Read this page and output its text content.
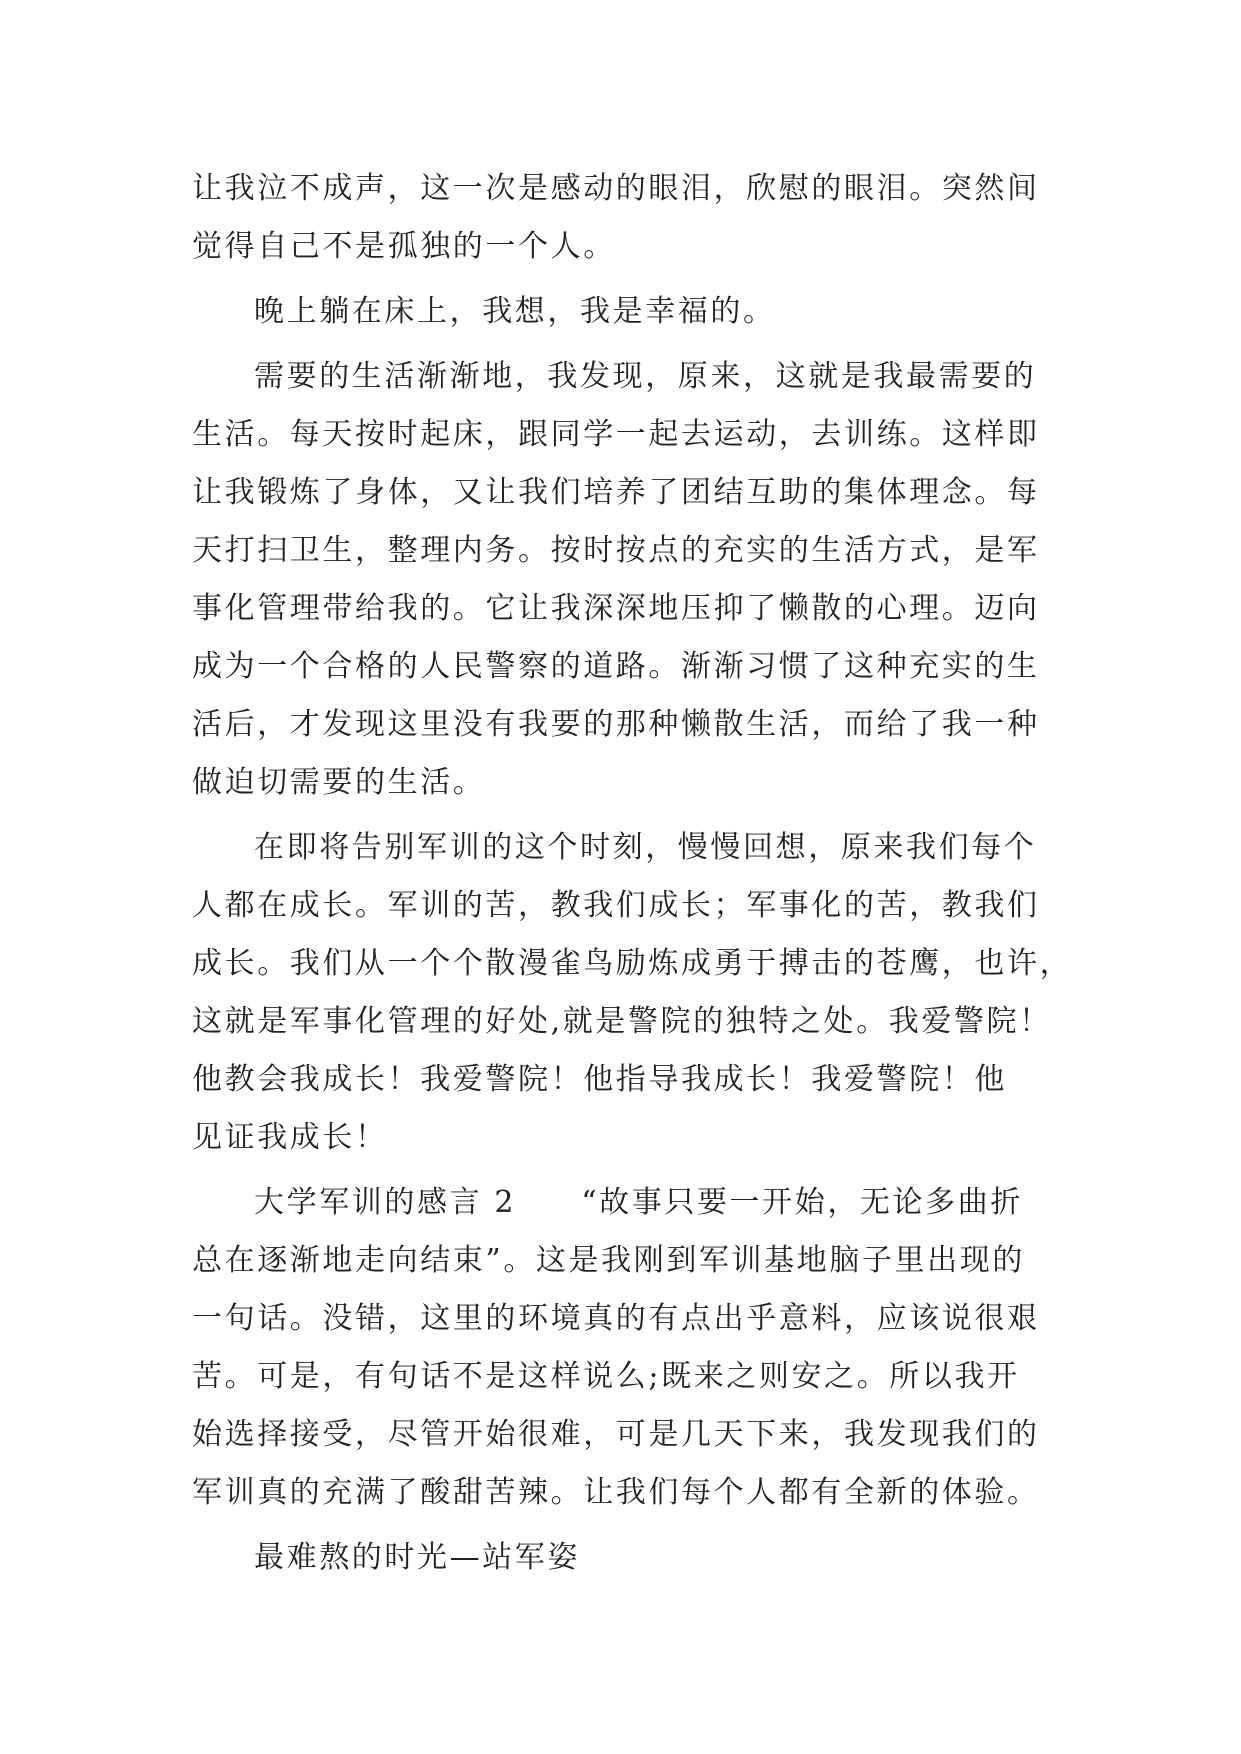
让我泣不成声，这一次是感动的眼泪，欣慰的眼泪。突然间
觉得自己不是孤独的一个人。
晚上躺在床上，我想，我是幸福的。
需要的生活渐渐地，我发现，原来，这就是我最需要的
生活。每天按时起床，跟同学一起去运动，去训练。这样即
让我锻炼了身体，又让我们培养了团结互助的集体理念。每
天打扫卫生，整理内务。按时按点的充实的生活方式，是军
事化管理带给我的。它让我深深地压抑了懒散的心理。迈向
成为一个合格的人民警察的道路。渐渐习惯了这种充实的生
活后，才发现这里没有我要的那种懒散生活，而给了我一种
做迫切需要的生活。
在即将告别军训的这个时刻，慢慢回想，原来我们每个
人都在成长。军训的苦，教我们成长；军事化的苦，教我们
成长。我们从一个个散漫雀鸟励炼成勇于搏击的苍鹰，也许，
这就是军事化管理的好处,就是警院的独特之处。我爱警院！
他教会我成长！我爱警院！他指导我成长！我爱警院！他
见证我成长！
大学军训的感言 2　　“故事只要一开始，无论多曲折
总在逐渐地走向结束”。这是我刚到军训基地脑子里出现的
一句话。没错，这里的环境真的有点出乎意料，应该说很艰
苦。可是，有句话不是这样说么;既来之则安之。所以我开
始选择接受，尽管开始很难，可是几天下来，我发现我们的
军训真的充满了酸甜苦辣。让我们每个人都有全新的体验。
最难熬的时光—站军姿
